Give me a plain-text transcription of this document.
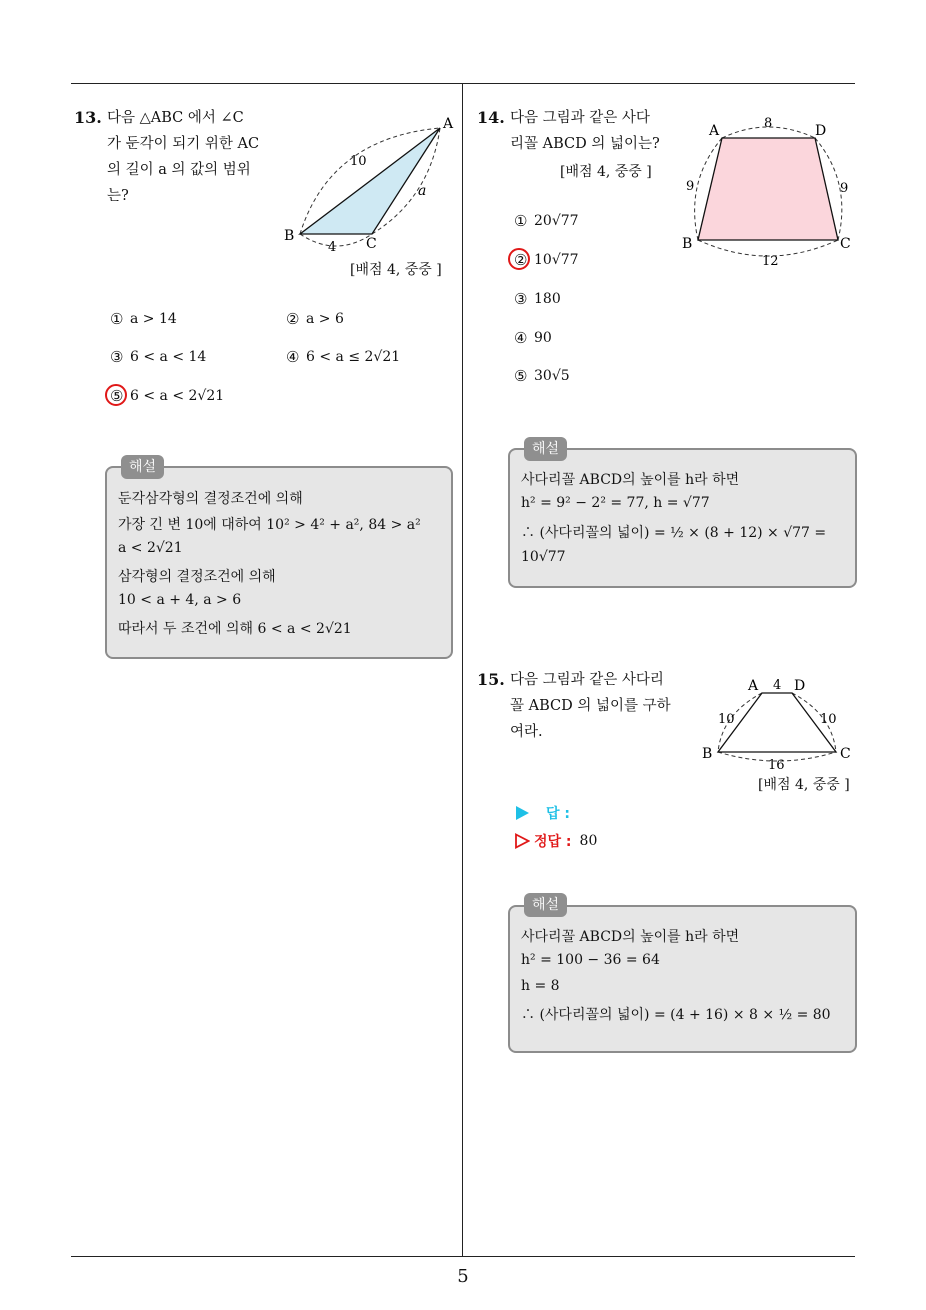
5
13. 다음 △ABC 에서 ∠C
가 둔각이 되기 위한 AC
의 길이 a 의 값의 범위
는?
A
B	C
10
4
a
[배점 4, 중중 ]
① a > 14	② a > 6
③ 6 < a < 14	④ 6 < a ≤ 2√21
⑤ 6 < a < 2√21
해설
둔각삼각형의 결정조건에 의해
가장 긴 변 10에 대하여 10² > 4² + a², 84 > a²
a < 2√21
삼각형의 결정조건에 의해
10 < a + 4, a > 6
따라서 두 조건에 의해 6 < a < 2√21
14. 다음 그림과 같은 사다
리꼴 ABCD 의 넓이는?
[배점 4, 중중 ]
A	D
B	C
8
9	9
12
① 20√77
② 10√77
③ 180
④ 90
⑤ 30√5
해설
사다리꼴 ABCD의 높이를 h라 하면
h² = 9² − 2² = 77, h = √77
∴ (사다리꼴의 넓이) = ½ × (8 + 12) × √77 =
10√77
15. 다음 그림과 같은 사다리
꼴 ABCD 의 넓이를 구하
여라.
A 4 D
10	10
B	C
16
[배점 4, 중중 ]
답 :
정답 : 80
해설
사다리꼴 ABCD의 높이를 h라 하면
h² = 100 − 36 = 64
h = 8
∴ (사다리꼴의 넓이) = (4 + 16) × 8 × ½ = 80
